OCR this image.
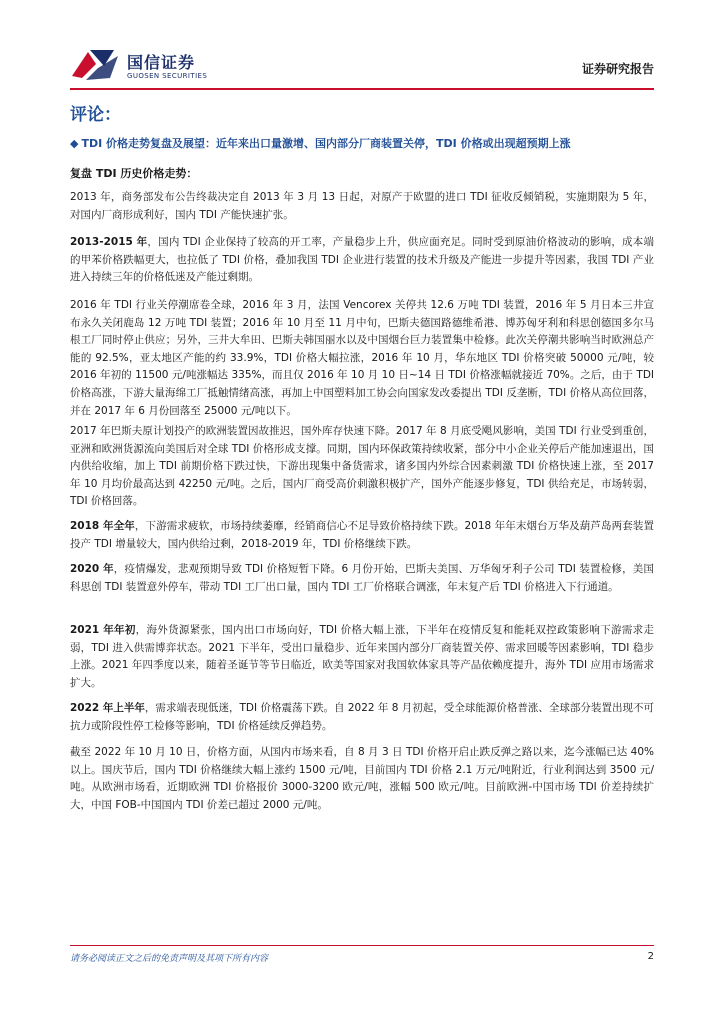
国信证券
GUOSEN SECURITIES	证券研究报告
评论：
◆ TDI 价格走势复盘及展望：近年来出口量激增、国内部分厂商装置关停，TDI 价格或出现超预期上涨
复盘 TDI 历史价格走势：
2013 年，商务部发布公告终裁决定自 2013 年 3 月 13 日起，对原产于欧盟的进口 TDI 征收反倾销税，实施期限为 5 年，对国内厂商形成利好，国内 TDI 产能快速扩张。
2013-2015 年，国内 TDI 企业保持了较高的开工率，产量稳步上升，供应面充足。同时受到原油价格波动的影响，成本端的甲苯价格跌幅更大，也拉低了 TDI 价格，叠加我国 TDI 企业进行装置的技术升级及产能进一步提升等因素，我国 TDI 产业进入持续三年的价格低迷及产能过剩期。
2016 年 TDI 行业关停潮席卷全球，2016 年 3 月，法国 Vencorex 关停共 12.6 万吨 TDI 装置，2016 年 5 月日本三井宣布永久关闭鹿岛 12 万吨 TDI 装置；2016 年 10 月至 11 月中旬，巴斯夫德国路德维希港、博苏匈牙利和科思创德国多尔马根工厂同时停止供应；另外，三井大牟田、巴斯夫韩国丽水以及中国烟台巨力装置集中检修。此次关停潮共影响当时欧洲总产能的 92.5%，亚太地区产能的约 33.9%，TDI 价格大幅拉涨，2016 年 10 月，华东地区 TDI 价格突破 50000 元/吨，较 2016 年初的 11500 元/吨涨幅达 335%，而且仅 2016 年 10 月 10 日~14 日 TDI 价格涨幅就接近 70%。之后，由于 TDI 价格高涨，下游大量海绵工厂抵触情绪高涨，再加上中国塑料加工协会向国家发改委提出 TDI 反垄断，TDI 价格从高位回落，并在 2017 年 6 月份回落至 25000 元/吨以下。
2017 年巴斯夫原计划投产的欧洲装置因故推迟，国外库存快速下降。2017 年 8 月底受飓风影响，美国 TDI 行业受到重创，亚洲和欧洲货源流向美国后对全球 TDI 价格形成支撑。同期，国内环保政策持续收紧，部分中小企业关停后产能加速退出，国内供给收缩，加上 TDI 前期价格下跌过快，下游出现集中备货需求，诸多国内外综合因素刺激 TDI 价格快速上涨，至 2017 年 10 月均价最高达到 42250 元/吨。之后，国内厂商受高价刺激积极扩产，国外产能逐步修复，TDI 供给充足，市场转弱，TDI 价格回落。
2018 年全年，下游需求疲软，市场持续萎靡，经销商信心不足导致价格持续下跌。2018 年年末烟台万华及葫芦岛两套装置投产 TDI 增量较大，国内供给过剩，2018-2019 年，TDI 价格继续下跌。
2020 年，疫情爆发，悲观预期导致 TDI 价格短暂下降。6 月份开始，巴斯夫美国、万华匈牙利子公司 TDI 装置检修，美国科思创 TDI 装置意外停车，带动 TDI 工厂出口量，国内 TDI 工厂价格联合调涨，年末复产后 TDI 价格进入下行通道。
2021 年年初，海外货源紧张，国内出口市场向好，TDI 价格大幅上涨，下半年在疫情反复和能耗双控政策影响下游需求走弱，TDI 进入供需博弈状态。2021 下半年，受出口量稳步、近年来国内部分厂商装置关停、需求回暖等因素影响，TDI 稳步上涨。2021 年四季度以来，随着圣诞节等节日临近，欧美等国家对我国软体家具等产品依赖度提升，海外 TDI 应用市场需求扩大。
2022 年上半年，需求端表现低迷，TDI 价格震荡下跌。自 2022 年 8 月初起，受全球能源价格普涨、全球部分装置出现不可抗力或阶段性停工检修等影响，TDI 价格延续反弹趋势。
截至 2022 年 10 月 10 日，价格方面，从国内市场来看，自 8 月 3 日 TDI 价格开启止跌反弹之路以来，迄今涨幅已达 40%以上。国庆节后，国内 TDI 价格继续大幅上涨约 1500 元/吨，目前国内 TDI 价格 2.1 万元/吨附近，行业利润达到 3500 元/吨。从欧洲市场看，近期欧洲 TDI 价格报价 3000-3200 欧元/吨，涨幅 500 欧元/吨。目前欧洲-中国市场 TDI 价差持续扩大，中国 FOB-中国国内 TDI 价差已超过 2000 元/吨。
请务必阅读正文之后的免责声明及其项下所有内容	2
